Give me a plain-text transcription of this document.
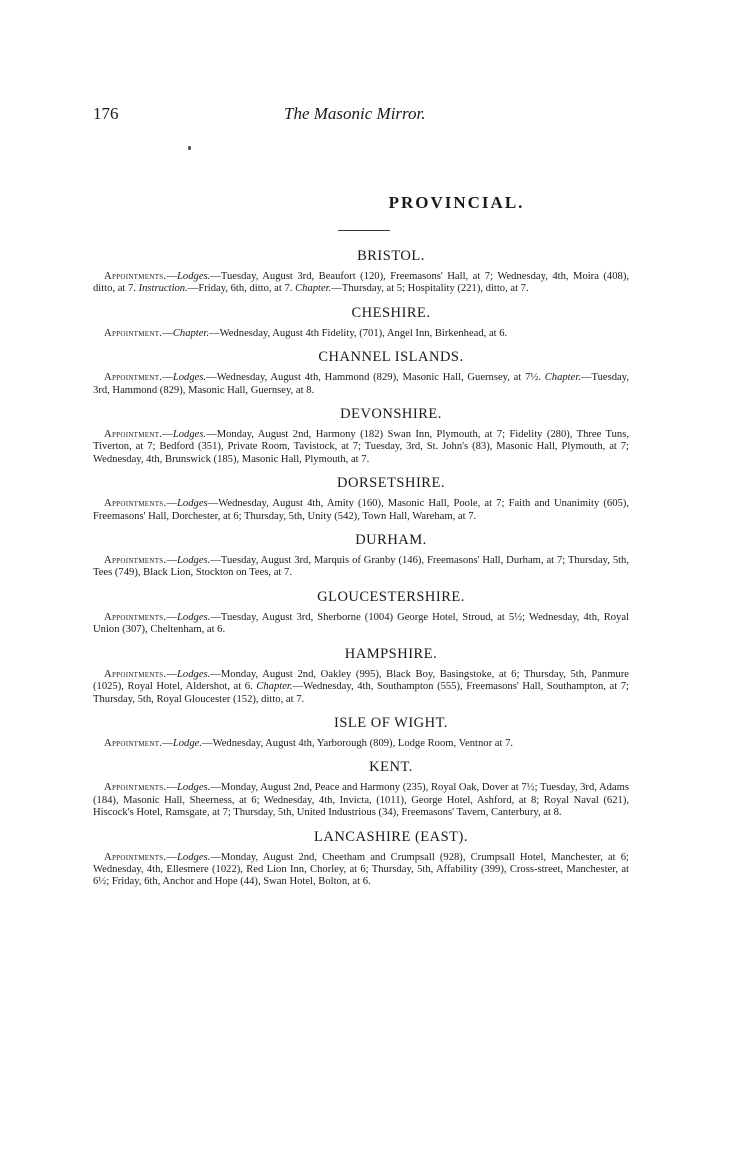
176	The Masonic Mirror.
PROVINCIAL.
BRISTOL.

Appointments.—Lodges.—Tuesday, August 3rd, Beaufort (120), Freemasons' Hall, at 7; Wednesday, 4th, Moira (408), ditto, at 7. Instruction.—Friday, 6th, ditto, at 7. Chapter.—Thursday, at 5; Hospitality (221), ditto, at 7.

CHESHIRE.

Appointment.—Chapter.—Wednesday, August 4th Fidelity, (701), Angel Inn, Birkenhead, at 6.

CHANNEL ISLANDS.

Appointment.—Lodges.—Wednesday, August 4th, Hammond (829), Masonic Hall, Guernsey, at 7½. Chapter.—Tuesday, 3rd, Hammond (829), Masonic Hall, Guernsey, at 8.

DEVONSHIRE.

Appointment.—Lodges.—Monday, August 2nd, Harmony (182) Swan Inn, Plymouth, at 7; Fidelity (280), Three Tuns, Tiverton, at 7; Bedford (351), Private Room, Tavistock, at 7; Tuesday, 3rd, St. John's (83), Masonic Hall, Plymouth, at 7; Wednesday, 4th, Brunswick (185), Masonic Hall, Plymouth, at 7.

DORSETSHIRE.

Appointments.—Lodges—Wednesday, August 4th, Amity (160), Masonic Hall, Poole, at 7; Faith and Unanimity (605), Freemasons' Hall, Dorchester, at 6; Thursday, 5th, Unity (542), Town Hall, Wareham, at 7.

DURHAM.

Appointments.—Lodges.—Tuesday, August 3rd, Marquis of Granby (146), Freemasons' Hall, Durham, at 7; Thursday, 5th, Tees (749), Black Lion, Stockton on Tees, at 7.

GLOUCESTERSHIRE.

Appointments.—Lodges.—Tuesday, August 3rd, Sherborne (1004) George Hotel, Stroud, at 5½; Wednesday, 4th, Royal Union (307), Cheltenham, at 6.

HAMPSHIRE.

Appointments.—Lodges.—Monday, August 2nd, Oakley (995), Black Boy, Basingstoke, at 6; Thursday, 5th, Panmure (1025), Royal Hotel, Aldershot, at 6. Chapter.—Wednesday, 4th, Southampton (555), Freemasons' Hall, Southampton, at 7; Thursday, 5th, Royal Gloucester (152), ditto, at 7.

ISLE OF WIGHT.

Appointment.—Lodge.—Wednesday, August 4th, Yarborough (809), Lodge Room, Ventnor at 7.

KENT.

Appointments.—Lodges.—Monday, August 2nd, Peace and Harmony (235), Royal Oak, Dover at 7½; Tuesday, 3rd, Adams (184), Masonic Hall, Sheerness, at 6; Wednesday, 4th, Invicta, (1011), George Hotel, Ashford, at 8; Royal Naval (621), Hiscock's Hotel, Ramsgate, at 7; Thursday, 5th, United Industrious (34), Freemasons' Tavern, Canterbury, at 8.

LANCASHIRE (EAST).

Appointments.—Lodges.—Monday, August 2nd, Cheetham and Crumpsall (928), Crumpsall Hotel, Manchester, at 6; Wednesday, 4th, Ellesmere (1022), Red Lion Inn, Chorley, at 6; Thursday, 5th, Affability (399), Cross-street, Manchester, at 6½; Friday, 6th, Anchor and Hope (44), Swan Hotel, Bolton, at 6.
